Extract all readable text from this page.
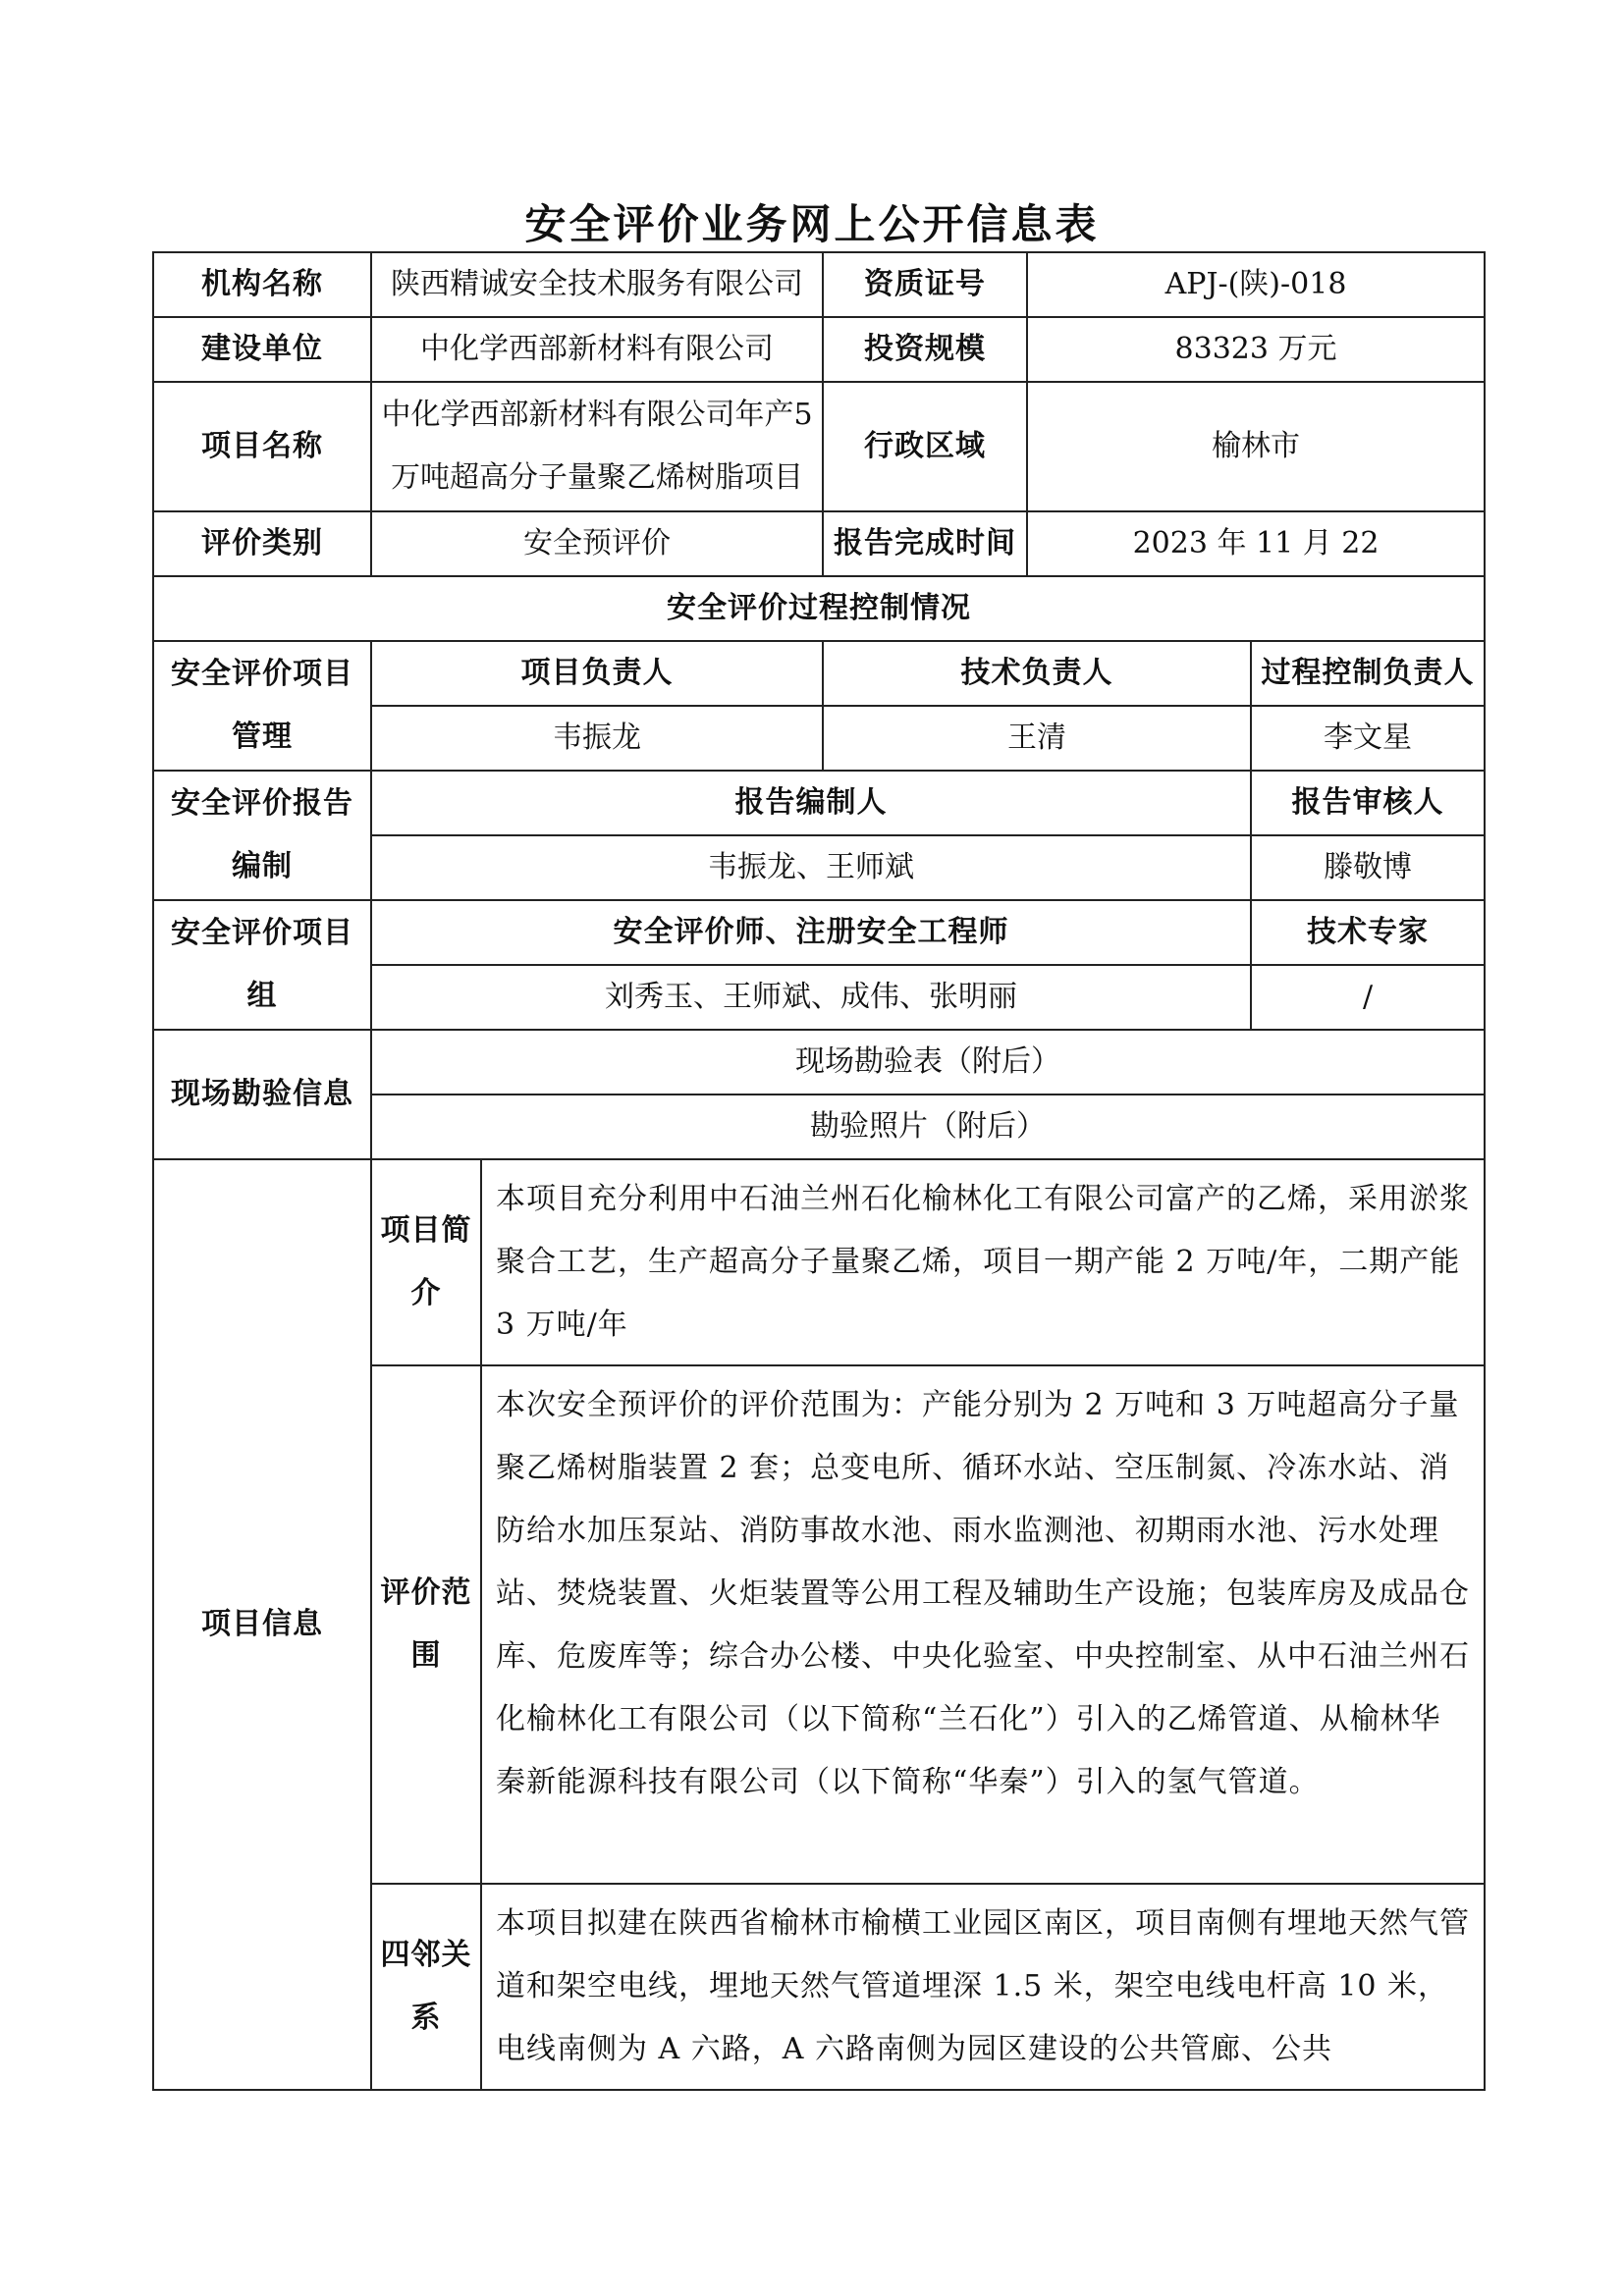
安全评价业务网上公开信息表
机构名称	陕西精诚安全技术服务有限公司		资质证号	APJ-(陕)-018	
建设单位	中化学西部新材料有限公司		投资规模	83323 万元	
项目名称	中化学西部新材料有限公司年产5万吨超高分子量聚乙烯树脂项目		行政区域	榆林市	
评价类别	安全预评价		报告完成时间	2023 年 11 月 22	
安全评价过程控制情况					
安全评价项目管理	项目负责人		技术负责人		过程控制负责人
	韦振龙		王清		李文星
安全评价报告编制	报告编制人				报告审核人
	韦振龙、王师斌				滕敬博
安全评价项目组	安全评价师、注册安全工程师				技术专家
	刘秀玉、王师斌、成伟、张明丽				/
现场勘验信息	现场勘验表（附后）				
	勘验照片（附后）				
项目信息	项目简介	本项目充分利用中石油兰州石化榆林化工有限公司富产的乙烯，采用淤浆聚合工艺，生产超高分子量聚乙烯，项目一期产能 2 万吨/年，二期产能 3 万吨/年			
	评价范围	本次安全预评价的评价范围为：产能分别为 2 万吨和 3 万吨超高分子量聚乙烯树脂装置 2 套；总变电所、循环水站、空压制氮、冷冻水站、消防给水加压泵站、消防事故水池、雨水监测池、初期雨水池、污水处理站、焚烧装置、火炬装置等公用工程及辅助生产设施；包装库房及成品仓库、危废库等；综合办公楼、中央化验室、中央控制室、从中石油兰州石化榆林化工有限公司（以下简称“兰石化”）引入的乙烯管道、从榆林华秦新能源科技有限公司（以下简称“华秦”）引入的氢气管道。			
	四邻关系	本项目拟建在陕西省榆林市榆横工业园区南区，项目南侧有埋地天然气管道和架空电线，埋地天然气管道埋深 1.5 米，架空电线电杆高 10 米，电线南侧为 A 六路，A 六路南侧为园区建设的公共管廊、公共			
